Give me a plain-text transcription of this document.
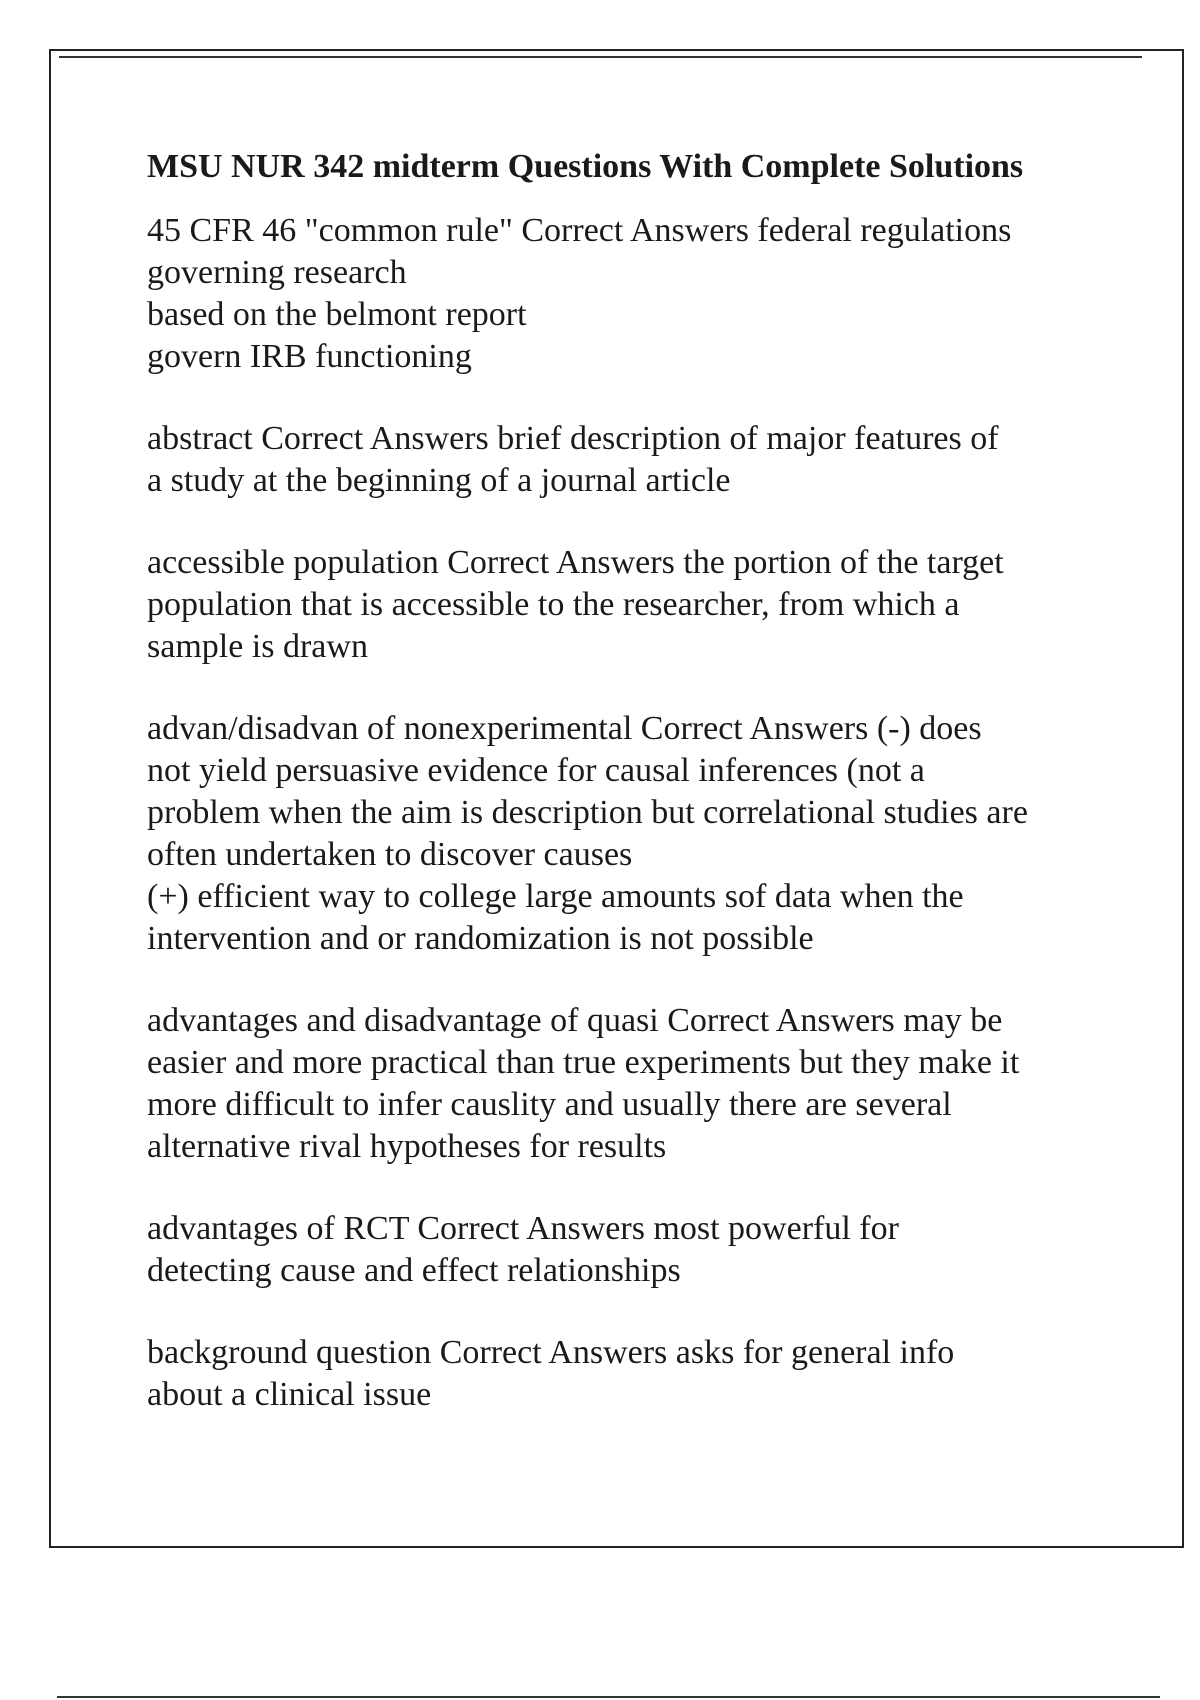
MSU NUR 342 midterm Questions With Complete Solutions
45 CFR 46 "common rule" Correct Answers federal regulations
governing research
based on the belmont report
govern IRB functioning
abstract Correct Answers brief description of major features of
a study at the beginning of a journal article
accessible population Correct Answers the portion of the target
population that is accessible to the researcher, from which a
sample is drawn
advan/disadvan of nonexperimental Correct Answers (-) does
not yield persuasive evidence for causal inferences (not a
problem when the aim is description but correlational studies are
often undertaken to discover causes
(+) efficient way to college large amounts sof data when the
intervention and or randomization is not possible
advantages and disadvantage of quasi Correct Answers may be
easier and more practical than true experiments but they make it
more difficult to infer causlity and usually there are several
alternative rival hypotheses for results
advantages of RCT Correct Answers most powerful for
detecting cause and effect relationships
background question Correct Answers asks for general info
about a clinical issue
